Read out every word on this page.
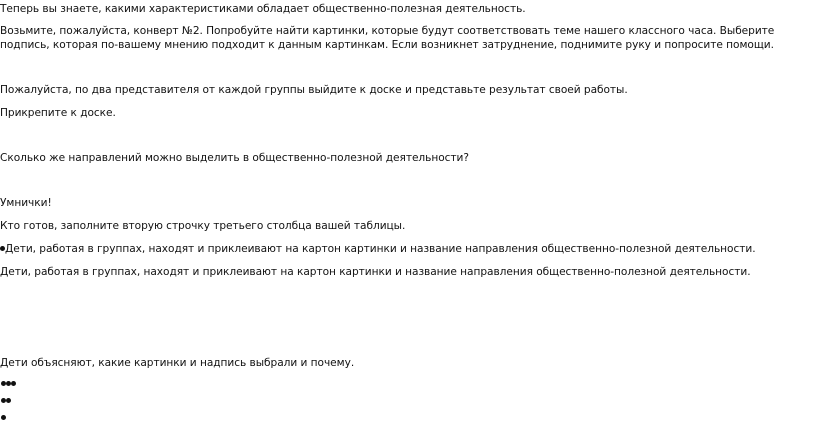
Теперь вы знаете, какими характеристиками обладает общественно-полезная деятельность.
Возьмите, пожалуйста, конверт №2. Попробуйте найти картинки, которые будут соответствовать теме нашего классного часа. Выберите подпись, которая по-вашему мнению подходит к данным картинкам. Если возникнет затруднение, поднимите руку и попросите помощи.
Пожалуйста, по два представителя от каждой группы выйдите к доске и представьте результат своей работы.
Прикрепите к доске.
Сколько же направлений можно выделить в общественно-полезной деятельности?
Умнички!
Кто готов, заполните вторую строчку третьего столбца вашей таблицы.
Дети, работая в группах, находят и приклеивают на картон картинки и название направления общественно-полезной деятельности.
Дети, работая в группах, находят и приклеивают на картон картинки и название направления общественно-полезной деятельности.
Дети объясняют, какие картинки и надпись выбрали и почему.
